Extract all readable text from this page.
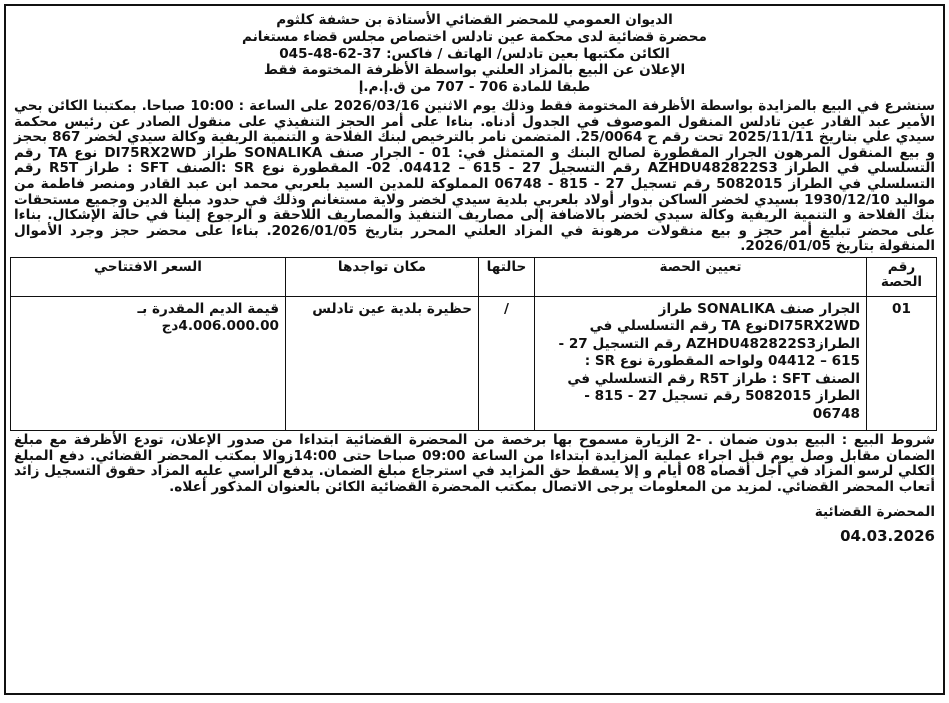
الديوان العمومي للمحضر القضائي الأستاذة بن حشفة كلثوم
محضرة قضائية لدى محكمة عين تادلس اختصاص مجلس قضاء مستغانم
الكائن مكتبها بعين تادلس/ الهاتف / فاكس: 37-62-48-045
الإعلان عن البيع بالمزاد العلني بواسطة الأظرفة المختومة فقط
طبقا للمادة 706 - 707 من ق.إ.م.إ

سنشرع في البيع بالمزايدة بواسطة الأظرفة المختومة فقط وذلك يوم الاثنين 2026/03/16 على الساعة : 10:00 صباحا. بمكتبنا الكائن بحي الأمير عبد القادر عين تادلس المنقول الموصوف في الجدول أدناه. بناءا على أمر الحجز التنفيذي على منقول الصادر عن رئيس محكمة سيدي علي بتاريخ 2025/11/11 تحت رقم ح 25/0064. المتضمن نامر بالترخيص لبنك الفلاحة و التنمية الريفية وكالة سيدي لخضر 867 بحجز و بيع المنقول المرهون الجرار المقطورة لصالح البنك و المتمثل في: 01 - الجرار صنف SONALIKA طراز DI75RX2WD نوع TA رقم التسلسلي في الطراز AZHDU482822S3 رقم التسجيل 27 - 615 – 04412. 02- المقطورة نوع SR :الصنف SFT : طراز R5T رقم التسلسلي في الطراز 5082015 رقم تسجيل 27 - 815 - 06748 المملوكة للمدين السيد بلعربي محمد ابن عبد القادر ومنصر فاطمة من مواليد 1930/12/10 بسيدي لخضر الساكن بدوار أولاد بلعربي بلدية سيدي لخضر ولاية مستغانم وذلك في حدود مبلغ الدين وجميع مستحقات بنك الفلاحة و التنمية الريفية وكالة سيدي لخضر بالاضافة إلى مصاريف التنفيذ والمصاريف اللاحقة و الرجوع إلينا في حالة الإشكال. بناءا على محضر تبليغ أمر حجز و بيع منقولات مرهونة في المزاد العلني المحرر بتاريخ 2026/01/05. بناءا على محضر حجز وجرد الأموال المنقولة بتاريخ 2026/01/05.

رقم الحصة	تعيين الحصة	حالتها	مكان تواجدها	السعر الافتتاحي
01	الجرار صنف SONALIKA طراز DI75RX2WDنوع TA رقم التسلسلي في الطرازAZHDU482822S3 رقم التسجيل 27 - 615 – 04412 ولواحه المقطورة نوع SR : الصنف SFT : طراز R5T رقم التسلسلي في الطراز 5082015 رقم تسجيل 27 - 815 - 06748	/	حظيرة بلدية عين تادلس	قيمة الديم المقدرة بـ 4.006.000.00دج
شروط البيع : البيع بدون ضمان . -2 الزيارة مسموح بها برخصة من المحضرة القضائية ابتداءا من صدور الإعلان، تودع الأظرفة مع مبلغ الضمان مقابل وصل يوم قبل اجراء عملية المزايدة ابتداءا من الساعة 09:00 صباحا حتى 14:00زوالا بمكتب المحضر القضائي. دفع المبلغ الكلي لرسو المزاد في أجل أقصاه 08 أيام و إلا يسقط حق المزايد في استرجاع مبلغ الضمان. يدفع الراسي عليه المزاد حقوق التسجيل زائد أتعاب المحضر القضائي. لمزيد من المعلومات يرجى الاتصال بمكتب المحضرة القضائية الكائن بالعنوان المذكور أعلاه.
المحضرة القضائية
04.03.2026
